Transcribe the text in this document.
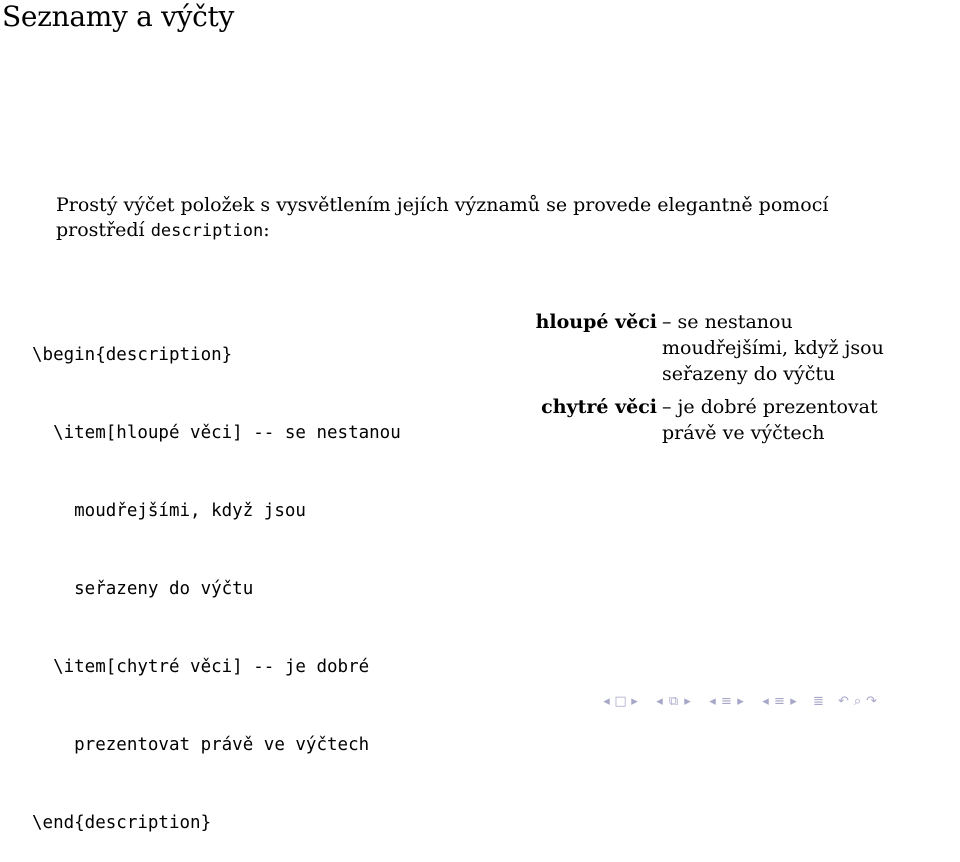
Seznamy a výčty
Prostý výčet položek s vysvětlením jejích významů se provede elegantně pomocí
prostředí description:

\begin{description}

\item[hloupé věci] -- se nestanou

moudřejšími, když jsou

seřazeny do výčtu

\item[chytré věci] -- je dobré

prezentovat právě ve výčtech

\end{description}

hloupé věci – se nestanou
moudřejšími, když jsou
seřazeny do výčtu
chytré věci – je dobré prezentovat
právě ve výčtech
◂ □ ▸ ◂ ⧉ ▸ ◂ ≡ ▸ ◂ ≡ ▸ ≣ ↶ ⌕ ↷
